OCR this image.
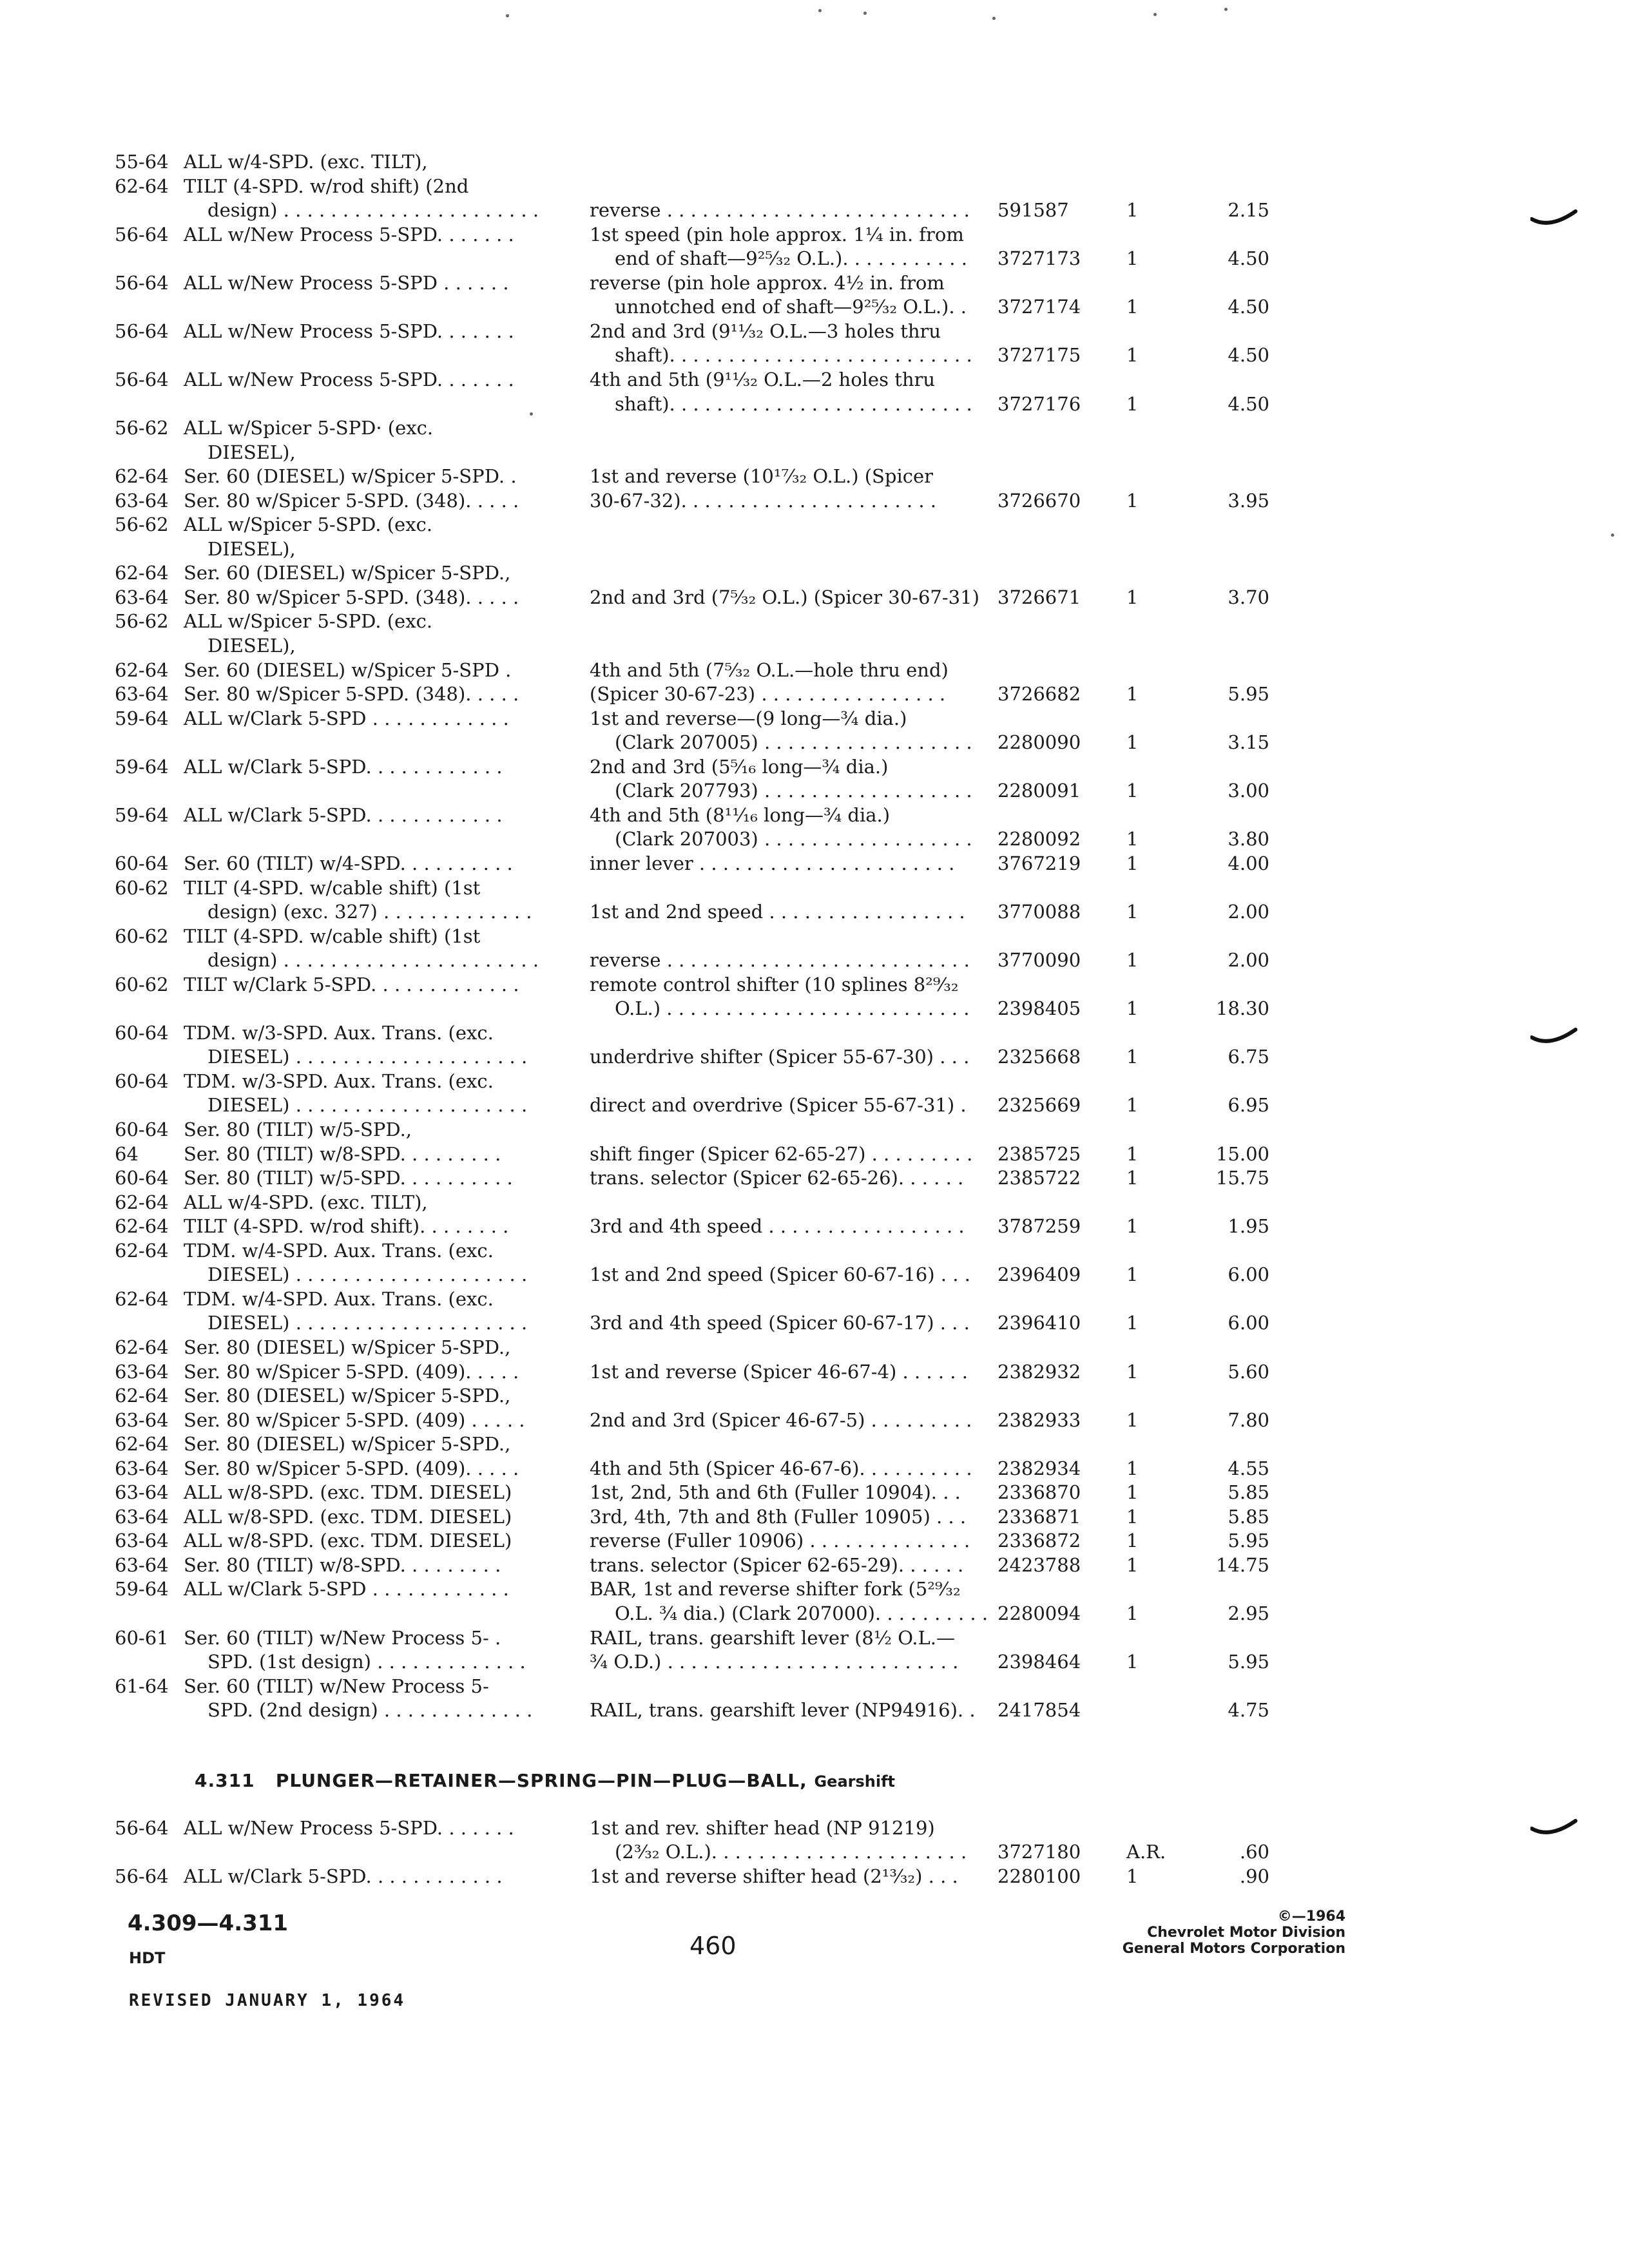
55-64 ALL w/4-SPD. (exc. TILT),
62-64 TILT (4-SPD. w/rod shift) (2nd
design) . . . . . . . . . . . . . . . . . . . . . .	reverse . . . . . . . . . . . . . . . . . . . . . . . . . . 591587	1	2.15
56-64 ALL w/New Process 5-SPD. . . . . . .	1st speed (pin hole approx. 1¼ in. from
end of shaft—9²⁵⁄₃₂ O.L.). . . . . . . . . . . 3727173 1	4.50
56-64 ALL w/New Process 5-SPD . . . . . .	reverse (pin hole approx. 4½ in. from
unnotched end of shaft—9²⁵⁄₃₂ O.L.). . 3727174 1	4.50
56-64 ALL w/New Process 5-SPD. . . . . . .	2nd and 3rd (9¹¹⁄₃₂ O.L.—3 holes thru
shaft). . . . . . . . . . . . . . . . . . . . . . . . . . 3727175 1	4.50
56-64 ALL w/New Process 5-SPD. . . . . . .	4th and 5th (9¹¹⁄₃₂ O.L.—2 holes thru
shaft). . . . . . . . . . . . . . . . . . . . . . . . . . 3727176 1	4.50
56-62 ALL w/Spicer 5-SPD· (exc.
DIESEL),
62-64 Ser. 60 (DIESEL) w/Spicer 5-SPD. .	1st and reverse (10¹⁷⁄₃₂ O.L.) (Spicer
63-64 Ser. 80 w/Spicer 5-SPD. (348). . . . .	30-67-32). . . . . . . . . . . . . . . . . . . . . .	3726670 1	3.95
56-62 ALL w/Spicer 5-SPD. (exc.
DIESEL),
62-64 Ser. 60 (DIESEL) w/Spicer 5-SPD.,
63-64 Ser. 80 w/Spicer 5-SPD. (348). . . . .	2nd and 3rd (7⁵⁄₃₂ O.L.) (Spicer 30-67-31) 3726671 1	3.70
56-62 ALL w/Spicer 5-SPD. (exc.
DIESEL),
62-64 Ser. 60 (DIESEL) w/Spicer 5-SPD .	4th and 5th (7⁵⁄₃₂ O.L.—hole thru end)
63-64 Ser. 80 w/Spicer 5-SPD. (348). . . . .	(Spicer 30-67-23) . . . . . . . . . . . . . . . .	3726682 1	5.95
59-64 ALL w/Clark 5-SPD . . . . . . . . . . . .	1st and reverse—(9 long—¾ dia.)
(Clark 207005) . . . . . . . . . . . . . . . . . . 2280090 1	3.15
59-64 ALL w/Clark 5-SPD. . . . . . . . . . . .	2nd and 3rd (5⁵⁄₁₆ long—¾ dia.)
(Clark 207793) . . . . . . . . . . . . . . . . . . 2280091 1	3.00
59-64 ALL w/Clark 5-SPD. . . . . . . . . . . .	4th and 5th (8¹¹⁄₁₆ long—¾ dia.)
(Clark 207003) . . . . . . . . . . . . . . . . . . 2280092 1	3.80
60-64 Ser. 60 (TILT) w/4-SPD. . . . . . . . . .	inner lever . . . . . . . . . . . . . . . . . . . . . . 3767219 1	4.00
60-62 TILT (4-SPD. w/cable shift) (1st
design) (exc. 327) . . . . . . . . . . . . .	1st and 2nd speed . . . . . . . . . . . . . . . . . 3770088 1	2.00
60-62 TILT (4-SPD. w/cable shift) (1st
design) . . . . . . . . . . . . . . . . . . . . . .	reverse . . . . . . . . . . . . . . . . . . . . . . . . . . 3770090 1	2.00
60-62 TILT w/Clark 5-SPD. . . . . . . . . . . . .	remote control shifter (10 splines 8²⁹⁄₃₂
O.L.) . . . . . . . . . . . . . . . . . . . . . . . . . . 2398405 1	18.30
60-64 TDM. w/3-SPD. Aux. Trans. (exc.
DIESEL) . . . . . . . . . . . . . . . . . . . .	underdrive shifter (Spicer 55-67-30) . . . 2325668 1	6.75
60-64 TDM. w/3-SPD. Aux. Trans. (exc.
DIESEL) . . . . . . . . . . . . . . . . . . . .	direct and overdrive (Spicer 55-67-31) . 2325669 1	6.95
60-64 Ser. 80 (TILT) w/5-SPD.,
64 Ser. 80 (TILT) w/8-SPD. . . . . . . . .	shift finger (Spicer 62-65-27) . . . . . . . . . 2385725 1	15.00
60-64 Ser. 80 (TILT) w/5-SPD. . . . . . . . . .	trans. selector (Spicer 62-65-26). . . . . . 2385722 1	15.75
62-64 ALL w/4-SPD. (exc. TILT),
62-64 TILT (4-SPD. w/rod shift). . . . . . . .	3rd and 4th speed . . . . . . . . . . . . . . . . . 3787259 1	1.95
62-64 TDM. w/4-SPD. Aux. Trans. (exc.
DIESEL) . . . . . . . . . . . . . . . . . . . .	1st and 2nd speed (Spicer 60-67-16) . . . 2396409 1	6.00
62-64 TDM. w/4-SPD. Aux. Trans. (exc.
DIESEL) . . . . . . . . . . . . . . . . . . . .	3rd and 4th speed (Spicer 60-67-17) . . . 2396410 1	6.00
62-64 Ser. 80 (DIESEL) w/Spicer 5-SPD.,
63-64 Ser. 80 w/Spicer 5-SPD. (409). . . . .	1st and reverse (Spicer 46-67-4) . . . . . . 2382932 1	5.60
62-64 Ser. 80 (DIESEL) w/Spicer 5-SPD.,
63-64 Ser. 80 w/Spicer 5-SPD. (409) . . . . .	2nd and 3rd (Spicer 46-67-5) . . . . . . . . . 2382933 1	7.80
62-64 Ser. 80 (DIESEL) w/Spicer 5-SPD.,
63-64 Ser. 80 w/Spicer 5-SPD. (409). . . . .	4th and 5th (Spicer 46-67-6). . . . . . . . . . 2382934 1	4.55
63-64 ALL w/8-SPD. (exc. TDM. DIESEL)	1st, 2nd, 5th and 6th (Fuller 10904). . . 2336870 1	5.85
63-64 ALL w/8-SPD. (exc. TDM. DIESEL)	3rd, 4th, 7th and 8th (Fuller 10905) . . . 2336871 1	5.85
63-64 ALL w/8-SPD. (exc. TDM. DIESEL)	reverse (Fuller 10906) . . . . . . . . . . . . . . 2336872 1	5.95
63-64 Ser. 80 (TILT) w/8-SPD. . . . . . . . .	trans. selector (Spicer 62-65-29). . . . . . 2423788 1	14.75
59-64 ALL w/Clark 5-SPD . . . . . . . . . . . .	BAR, 1st and reverse shifter fork (5²⁹⁄₃₂
O.L. ¾ dia.) (Clark 207000). . . . . . . . . . 2280094 1	2.95
60-61 Ser. 60 (TILT) w/New Process 5- .	RAIL, trans. gearshift lever (8½ O.L.—
SPD. (1st design) . . . . . . . . . . . . .	¾ O.D.) . . . . . . . . . . . . . . . . . . . . . . . . . 2398464 1	5.95
61-64 Ser. 60 (TILT) w/New Process 5-
SPD. (2nd design) . . . . . . . . . . . . .	RAIL, trans. gearshift lever (NP94916). . 2417854	4.75
4.311 PLUNGER—RETAINER—SPRING—PIN—PLUG—BALL, Gearshift
56-64 ALL w/New Process 5-SPD. . . . . . .	1st and rev. shifter head (NP 91219)
(2³⁄₃₂ O.L.). . . . . . . . . . . . . . . . . . . . . . 3727180 A.R.	.60
56-64 ALL w/Clark 5-SPD. . . . . . . . . . . .	1st and reverse shifter head (2¹³⁄₃₂) . . . 2280100 1	.90
4.309—4.311
HDT	460
REVISED JANUARY 1, 1964
©—1964
Chevrolet Motor Division
General Motors Corporation
